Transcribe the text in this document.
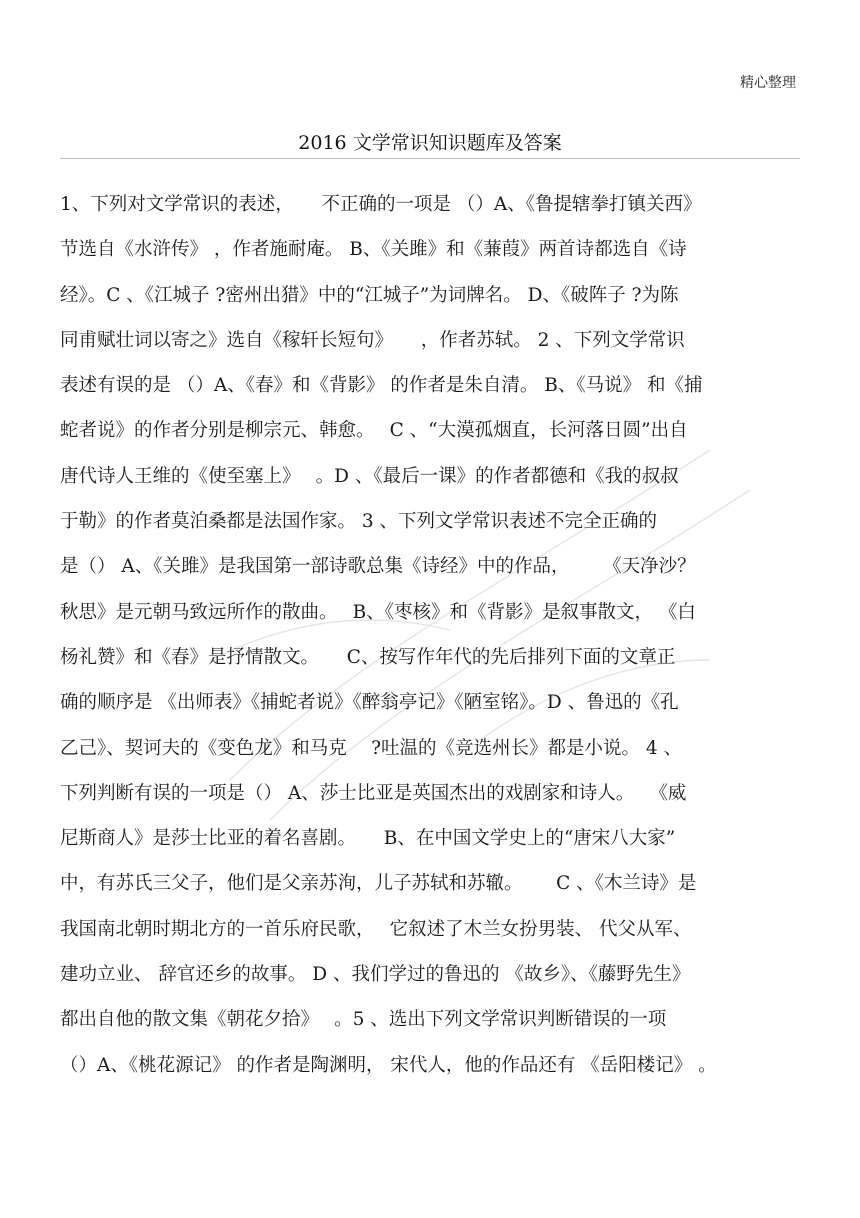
精心整理
2016 文学常识知识题库及答案
1、下列对文学常识的表述，　　不正确的一项是 （）A、《鲁提辖拳打镇关西》
节选自《水浒传》 ，作者施耐庵。 B、《关雎》和《蒹葭》两首诗都选自《诗
经》。C 、《江城子 ?密州出猎》中的“江城子”为词牌名。 D、《破阵子 ?为陈
同甫赋壮词以寄之》选自《稼轩长短句》　　，作者苏轼。 2 、下列文学常识
表述有误的是 （）A、《春》和《背影》 的作者是朱自清。 B、《马说》 和《捕
蛇者说》的作者分别是柳宗元、韩愈。　 C 、“大漠孤烟直，长河落日圆”出自
唐代诗人王维的《使至塞上》　 。D 、《最后一课》的作者都德和《我的叔叔
于勒》的作者莫泊桑都是法国作家。 3 、下列文学常识表述不完全正确的
是（） A、《关雎》是我国第一部诗歌总集《诗经》中的作品，　　 《天净沙？
秋思》是元朝马致远所作的散曲。　 B、《枣核》和《背影》是叙事散文， 《白
杨礼赞》和《春》是抒情散文。　　C、按写作年代的先后排列下面的文章正
确的顺序是 《出师表》《捕蛇者说》《醉翁亭记》《陋室铭》。D 、鲁迅的《孔
乙己》、契诃夫的《变色龙》和马克　 ?吐温的《竞选州长》都是小说。 4 、
下列判断有误的一项是（） A、莎士比亚是英国杰出的戏剧家和诗人。　 《威
尼斯商人》是莎士比亚的着名喜剧。　　B、在中国文学史上的“唐宋八大家”
中，有苏氏三父子，他们是父亲苏洵，儿子苏轼和苏辙。　　 C 、《木兰诗》是
我国南北朝时期北方的一首乐府民歌，　 它叙述了木兰女扮男装、 代父从军、
建功立业、 辞官还乡的故事。 D 、我们学过的鲁迅的 《故乡》、《藤野先生》
都出自他的散文集《朝花夕拾》　 。5 、选出下列文学常识判断错误的一项
（）A、《桃花源记》 的作者是陶渊明， 宋代人，他的作品还有 《岳阳楼记》 。
